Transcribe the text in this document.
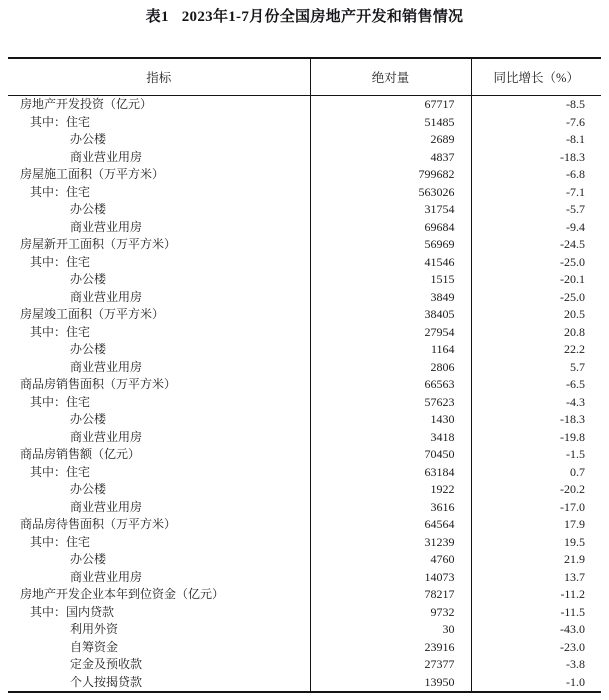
表1 2023年1-7月份全国房地产开发和销售情况
指标	绝对量	同比增长（%）
房地产开发投资（亿元）	67717	-8.5
其中：住宅	51485	-7.6
办公楼	2689	-8.1
商业营业用房	4837	-18.3
房屋施工面积（万平方米）	799682	-6.8
其中：住宅	563026	-7.1
办公楼	31754	-5.7
商业营业用房	69684	-9.4
房屋新开工面积（万平方米）	56969	-24.5
其中：住宅	41546	-25.0
办公楼	1515	-20.1
商业营业用房	3849	-25.0
房屋竣工面积（万平方米）	38405	20.5
其中：住宅	27954	20.8
办公楼	1164	22.2
商业营业用房	2806	5.7
商品房销售面积（万平方米）	66563	-6.5
其中：住宅	57623	-4.3
办公楼	1430	-18.3
商业营业用房	3418	-19.8
商品房销售额（亿元）	70450	-1.5
其中：住宅	63184	0.7
办公楼	1922	-20.2
商业营业用房	3616	-17.0
商品房待售面积（万平方米）	64564	17.9
其中：住宅	31239	19.5
办公楼	4760	21.9
商业营业用房	14073	13.7
房地产开发企业本年到位资金（亿元）	78217	-11.2
其中：国内贷款	9732	-11.5
利用外资	30	-43.0
自筹资金	23916	-23.0
定金及预收款	27377	-3.8
个人按揭贷款	13950	-1.0
